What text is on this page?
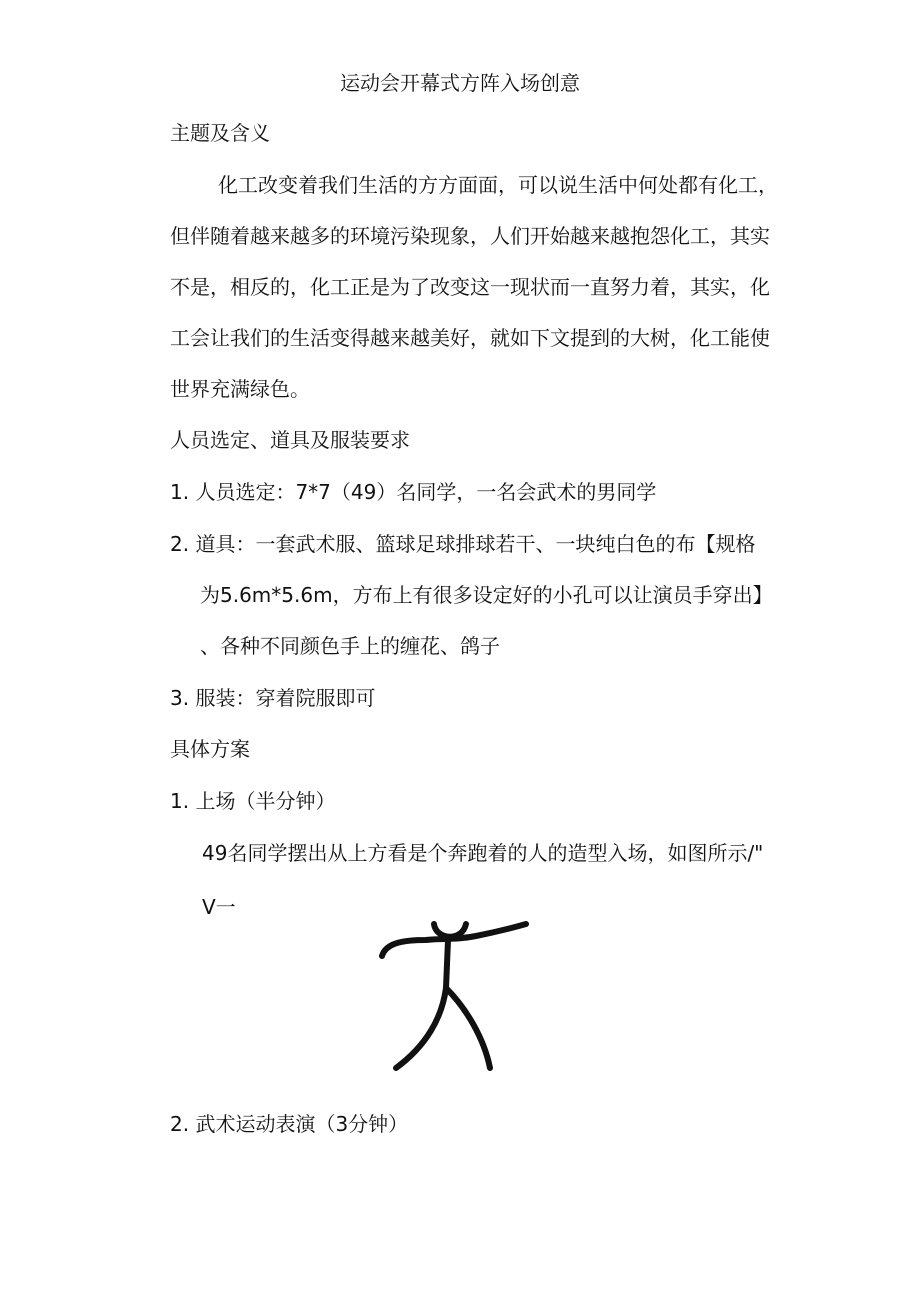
运动会开幕式方阵入场创意
主题及含义
化工改变着我们生活的方方面面，可以说生活中何处都有化工，
但伴随着越来越多的环境污染现象，人们开始越来越抱怨化工，其实
不是，相反的，化工正是为了改变这一现状而一直努力着，其实，化
工会让我们的生活变得越来越美好，就如下文提到的大树，化工能使
世界充满绿色。
人员选定、道具及服装要求
1. 人员选定：7*7（49）名同学，一名会武术的男同学
2. 道具：一套武术服、篮球足球排球若干、一块纯白色的布【规格
为5.6m*5.6m，方布上有很多设定好的小孔可以让演员手穿出】
、各种不同颜色手上的缠花、鸽子
3. 服装：穿着院服即可
具体方案
1. 上场（半分钟）
49名同学摆出从上方看是个奔跑着的人的造型入场，如图所示/"
V一
2. 武术运动表演（3分钟）
